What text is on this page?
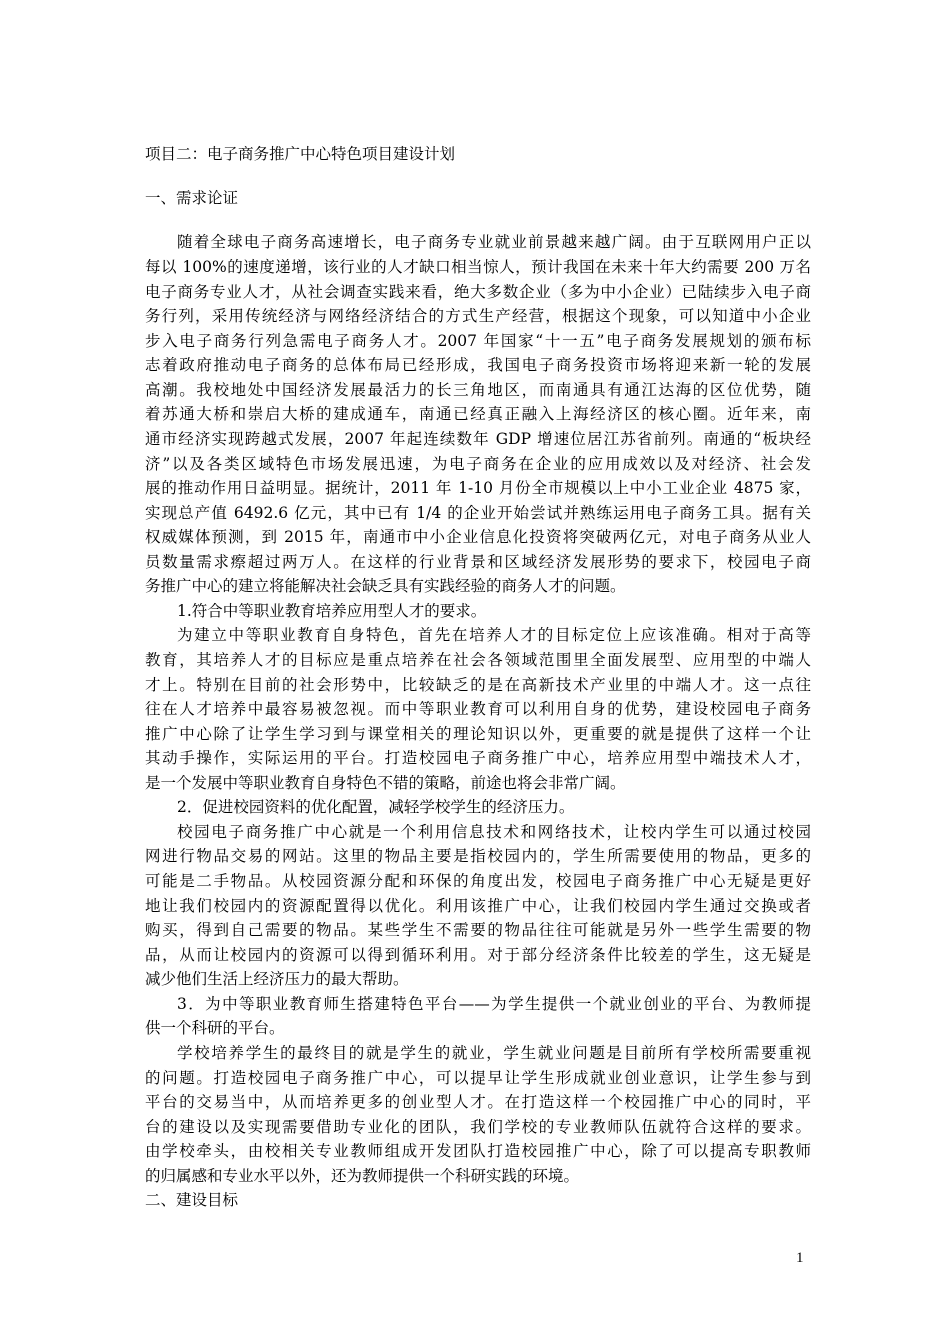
项目二：电子商务推广中心特色项目建设计划
一、需求论证
随着全球电子商务高速增长，电子商务专业就业前景越来越广阔。由于互联网用户正以
每以 100%的速度递增，该行业的人才缺口相当惊人，预计我国在未来十年大约需要 200 万名
电子商务专业人才，从社会调查实践来看，绝大多数企业（多为中小企业）已陆续步入电子商
务行列，采用传统经济与网络经济结合的方式生产经营，根据这个现象，可以知道中小企业
步入电子商务行列急需电子商务人才。2007 年国家“十一五”电子商务发展规划的颁布标
志着政府推动电子商务的总体布局已经形成，我国电子商务投资市场将迎来新一轮的发展
高潮。我校地处中国经济发展最活力的长三角地区，而南通具有通江达海的区位优势，随
着苏通大桥和崇启大桥的建成通车，南通已经真正融入上海经济区的核心圈。近年来，南
通市经济实现跨越式发展，2007 年起连续数年 GDP 增速位居江苏省前列。南通的“板块经
济”以及各类区域特色市场发展迅速，为电子商务在企业的应用成效以及对经济、社会发
展的推动作用日益明显。据统计，2011 年 1-10 月份全市规模以上中小工业企业 4875 家，
实现总产值 6492.6 亿元，其中已有 1/4 的企业开始尝试并熟练运用电子商务工具。据有关
权威媒体预测，到 2015 年，南通市中小企业信息化投资将突破两亿元，对电子商务从业人
员数量需求瘵超过两万人。在这样的行业背景和区域经济发展形势的要求下，校园电子商
务推广中心的建立将能解决社会缺乏具有实践经验的商务人才的问题。
1.符合中等职业教育培养应用型人才的要求。
为建立中等职业教育自身特色，首先在培养人才的目标定位上应该准确。相对于高等
教育，其培养人才的目标应是重点培养在社会各领域范围里全面发展型、应用型的中端人
才上。特别在目前的社会形势中，比较缺乏的是在高新技术产业里的中端人才。这一点往
往在人才培养中最容易被忽视。而中等职业教育可以利用自身的优势，建设校园电子商务
推广中心除了让学生学习到与课堂相关的理论知识以外，更重要的就是提供了这样一个让
其动手操作，实际运用的平台。打造校园电子商务推广中心，培养应用型中端技术人才，
是一个发展中等职业教育自身特色不错的策略，前途也将会非常广阔。
2．促进校园资料的优化配置，减轻学校学生的经济压力。
校园电子商务推广中心就是一个利用信息技术和网络技术，让校内学生可以通过校园
网进行物品交易的网站。这里的物品主要是指校园内的，学生所需要使用的物品，更多的
可能是二手物品。从校园资源分配和环保的角度出发，校园电子商务推广中心无疑是更好
地让我们校园内的资源配置得以优化。利用该推广中心，让我们校园内学生通过交换或者
购买，得到自己需要的物品。某些学生不需要的物品往往可能就是另外一些学生需要的物
品，从而让校园内的资源可以得到循环利用。对于部分经济条件比较差的学生，这无疑是
减少他们生活上经济压力的最大帮助。
3．为中等职业教育师生搭建特色平台——为学生提供一个就业创业的平台、为教师提
供一个科研的平台。
学校培养学生的最终目的就是学生的就业，学生就业问题是目前所有学校所需要重视
的问题。打造校园电子商务推广中心，可以提早让学生形成就业创业意识，让学生参与到
平台的交易当中，从而培养更多的创业型人才。在打造这样一个校园推广中心的同时，平
台的建设以及实现需要借助专业化的团队，我们学校的专业教师队伍就符合这样的要求。
由学校牵头，由校相关专业教师组成开发团队打造校园推广中心，除了可以提高专职教师
的归属感和专业水平以外，还为教师提供一个科研实践的环境。
二、建设目标
1
